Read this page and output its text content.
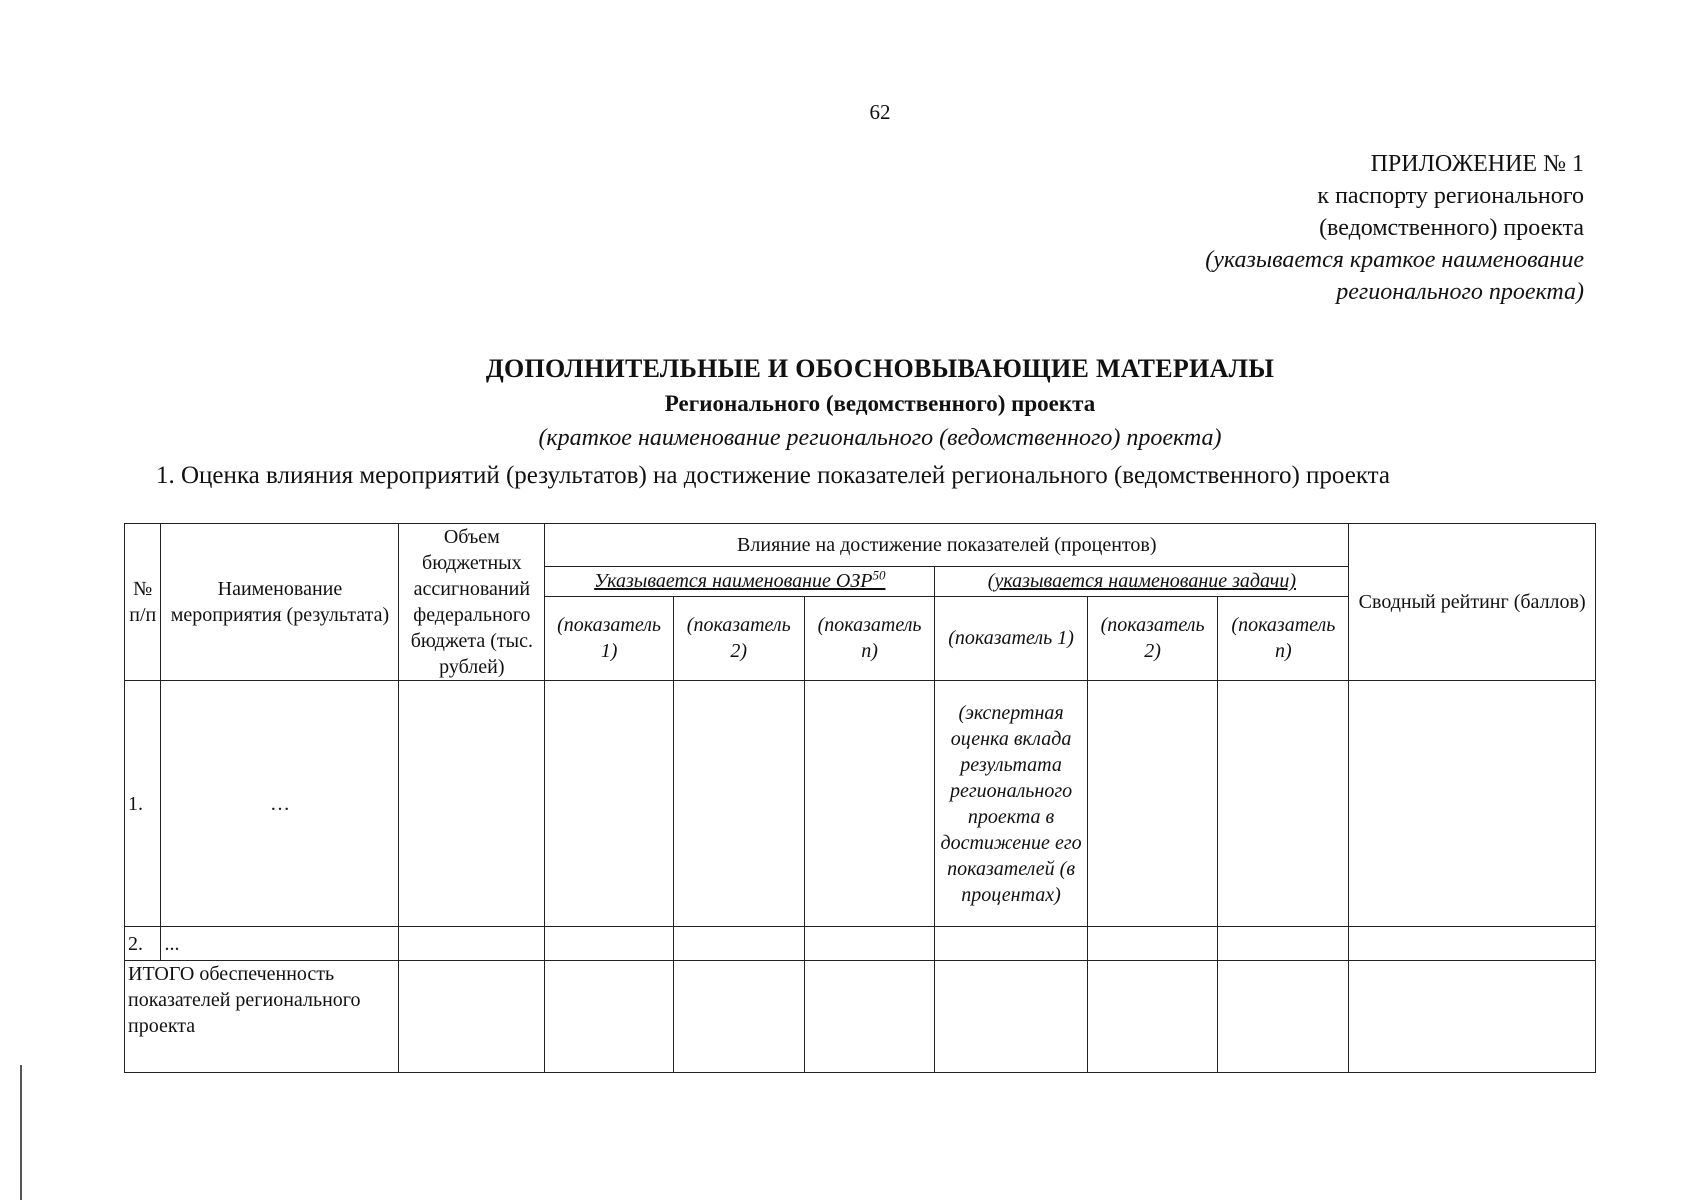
62
ПРИЛОЖЕНИЕ № 1
к паспорту регионального
(ведомственного) проекта
(указывается краткое наименование
регионального проекта)
ДОПОЛНИТЕЛЬНЫЕ И ОБОСНОВЫВАЮЩИЕ МАТЕРИАЛЫ
Регионального (ведомственного) проекта
(краткое наименование регионального (ведомственного) проекта)
1. Оценка влияния мероприятий (результатов) на достижение показателей регионального (ведомственного) проекта
№ п/п	Наименование мероприятия (результата)	Объем бюджетных ассигнований федерального бюджета (тыс. рублей)	Влияние на достижение показателей (процентов)						Сводный рейтинг (баллов)
			Указывается наименование ОЗР$^{50}$			(указывается наименование задачи)			
			(показатель 1)	(показатель 2)	(показатель n)	(показатель 1)	(показатель 2)	(показатель n)	
1.	…					(экспертная оценка вклада результата регионального проекта в достижение его показателей (в процентах)			
2.	...								
ИТОГО обеспеченность показателей регионального проекта									
